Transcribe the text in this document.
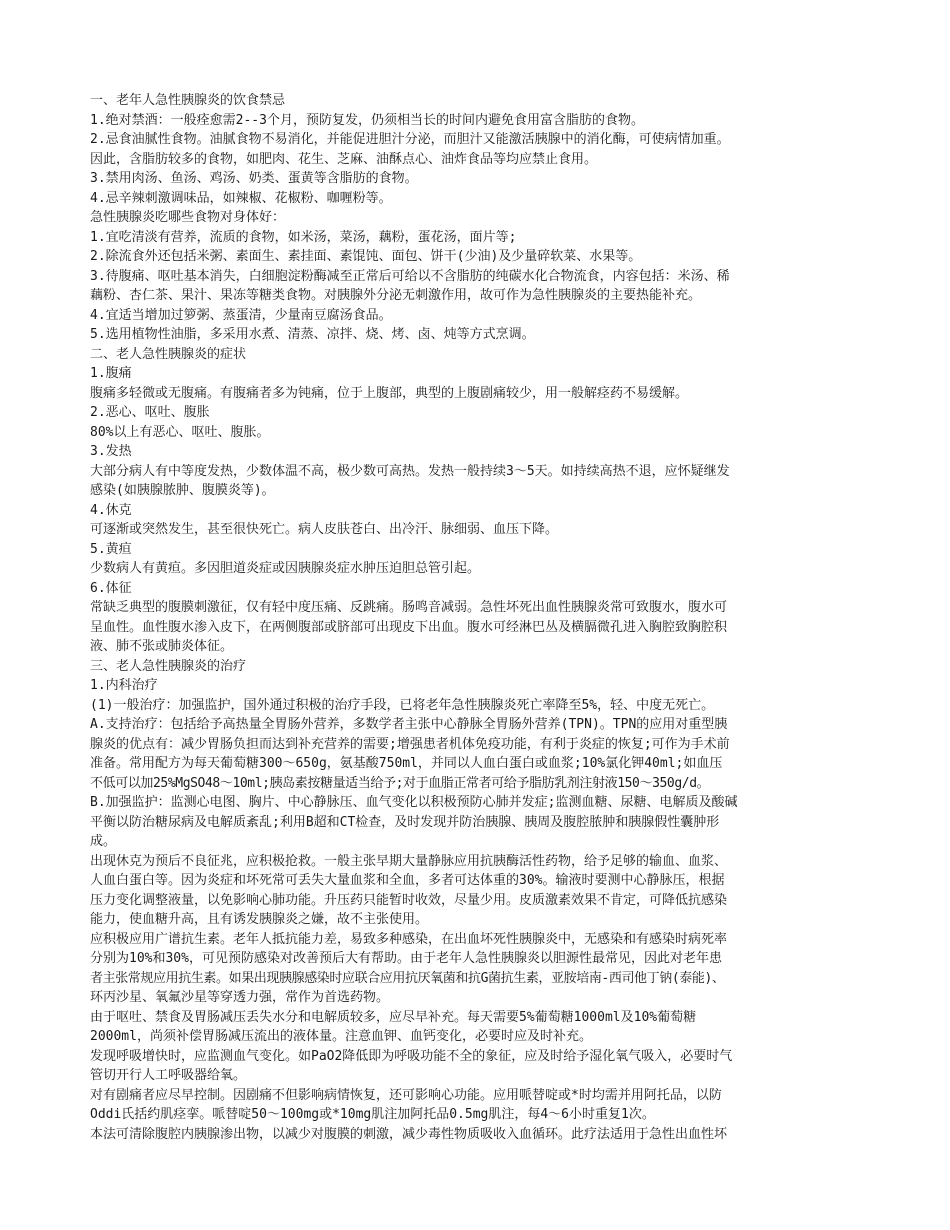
一、老年人急性胰腺炎的饮食禁忌
1.绝对禁酒：一般痊愈需2--3个月，预防复发，仍须相当长的时间内避免食用富含脂肪的食物。
2.忌食油腻性食物。油腻食物不易消化，并能促进胆汁分泌，而胆汁又能激活胰腺中的消化酶，可使病情加重。
因此，含脂肪较多的食物，如肥肉、花生、芝麻、油酥点心、油炸食品等均应禁止食用。
3.禁用肉汤、鱼汤、鸡汤、奶类、蛋黄等含脂肪的食物。
4.忌辛辣刺激调味品，如辣椒、花椒粉、咖喱粉等。
急性胰腺炎吃哪些食物对身体好：
1.宜吃清淡有营养，流质的食物，如米汤，菜汤，藕粉，蛋花汤，面片等;
2.除流食外还包括米粥、素面生、素挂面、素馄饨、面包、饼干(少油)及少量碎软菜、水果等。
3.待腹痛、呕吐基本消失，白细胞淀粉酶减至正常后可给以不含脂肪的纯碳水化合物流食，内容包括：米汤、稀
藕粉、杏仁茶、果汁、果冻等糖类食物。对胰腺外分泌无刺激作用，故可作为急性胰腺炎的主要热能补充。
4.宜适当增加过箩粥、蒸蛋清，少量南豆腐汤食品。
5.选用植物性油脂，多采用水煮、清蒸、凉拌、烧、烤、卤、炖等方式烹调。
二、老人急性胰腺炎的症状
1.腹痛
腹痛多轻微或无腹痛。有腹痛者多为钝痛，位于上腹部，典型的上腹剧痛较少，用一般解痉药不易缓解。
2.恶心、呕吐、腹胀
80%以上有恶心、呕吐、腹胀。
3.发热
大部分病人有中等度发热，少数体温不高，极少数可高热。发热一般持续3～5天。如持续高热不退，应怀疑继发
感染(如胰腺脓肿、腹膜炎等)。
4.休克
可逐渐或突然发生，甚至很快死亡。病人皮肤苍白、出冷汗、脉细弱、血压下降。
5.黄疸
少数病人有黄疸。多因胆道炎症或因胰腺炎症水肿压迫胆总管引起。
6.体征
常缺乏典型的腹膜刺激征，仅有轻中度压痛、反跳痛。肠鸣音减弱。急性坏死出血性胰腺炎常可致腹水，腹水可
呈血性。血性腹水渗入皮下，在两侧腹部或脐部可出现皮下出血。腹水可经淋巴丛及横膈微孔进入胸腔致胸腔积
液、肺不张或肺炎体征。
三、老人急性胰腺炎的治疗
1.内科治疗
(1)一般治疗：加强监护，国外通过积极的治疗手段，已将老年急性胰腺炎死亡率降至5%，轻、中度无死亡。
A.支持治疗：包括给予高热量全胃肠外营养，多数学者主张中心静脉全胃肠外营养(TPN)。TPN的应用对重型胰
腺炎的优点有：减少胃肠负担而达到补充营养的需要;增强患者机体免疫功能，有利于炎症的恢复;可作为手术前
准备。常用配方为每天葡萄糖300～650g，氨基酸750ml，并同以人血白蛋白或血浆;10%氯化钾40ml;如血压
不低可以加25%MgSO48～10ml;胰岛素按糖量适当给予;对于血脂正常者可给予脂肪乳剂注射液150～350g/d。
B.加强监护：监测心电图、胸片、中心静脉压、血气变化以积极预防心肺并发症;监测血糖、尿糖、电解质及酸碱
平衡以防治糖尿病及电解质紊乱;利用B超和CT检查，及时发现并防治胰腺、胰周及腹腔脓肿和胰腺假性囊肿形
成。
出现休克为预后不良征兆，应积极抢救。一般主张早期大量静脉应用抗胰酶活性药物，给予足够的输血、血浆、
人血白蛋白等。因为炎症和坏死常可丢失大量血浆和全血，多者可达体重的30%。输液时要测中心静脉压，根据
压力变化调整液量，以免影响心肺功能。升压药只能暂时收效，尽量少用。皮质激素效果不肯定，可降低抗感染
能力，使血糖升高，且有诱发胰腺炎之嫌，故不主张使用。
应积极应用广谱抗生素。老年人抵抗能力差，易致多种感染，在出血坏死性胰腺炎中，无感染和有感染时病死率
分别为10%和30%，可见预防感染对改善预后大有帮助。由于老年人急性胰腺炎以胆源性最常见，因此对老年患
者主张常规应用抗生素。如果出现胰腺感染时应联合应用抗厌氧菌和抗G菌抗生素，亚胺培南-西司他丁钠(泰能)、
环丙沙星、氧氟沙星等穿透力强，常作为首选药物。
由于呕吐、禁食及胃肠减压丢失水分和电解质较多，应尽早补充。每天需要5%葡萄糖1000ml及10%葡萄糖
2000ml，尚须补偿胃肠减压流出的液体量。注意血钾、血钙变化，必要时应及时补充。
发现呼吸增快时，应监测血气变化。如PaO2降低即为呼吸功能不全的象征，应及时给予湿化氧气吸入，必要时气
管切开行人工呼吸器给氧。
对有剧痛者应尽早控制。因剧痛不但影响病情恢复，还可影响心功能。应用哌替啶或*时均需并用阿托品，以防
Oddi氏括约肌痉挛。哌替啶50～100mg或*10mg肌注加阿托品0.5mg肌注，每4～6小时重复1次。
本法可清除腹腔内胰腺渗出物，以减少对腹膜的刺激，减少毒性物质吸收入血循环。此疗法适用于急性出血性坏
